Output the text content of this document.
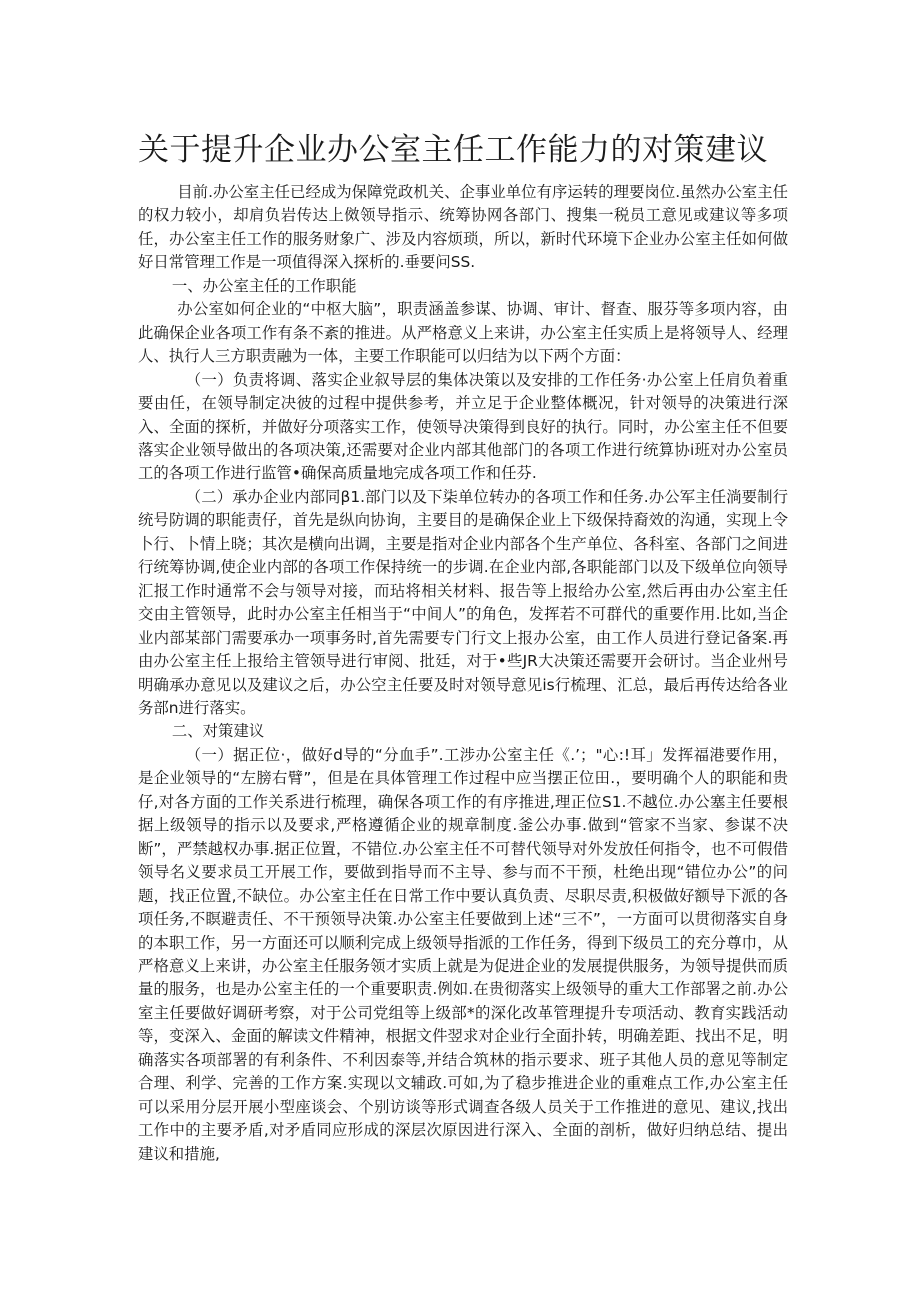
关于提升企业办公室主任工作能力的对策建议

目前.办公室主任已经成为保障党政机关、企事业单位有序运转的理要岗位.虽然办公室主任的权力较小，却肩负岩传达上傚领导指示、统筹协网各部门、搜集一税员工意见或建议等多项任，办公室主任工作的服务财象广、涉及内容烦琐，所以，新时代环境下企业办公室主任如何做好日常管理工作是一项值得深入探析的.垂要问SS.

一、办公室主任的工作职能

办公室如何企业的“中枢大脑”，职责涵盖参谋、协调、审计、督查、服芬等多项内容，由此确保企业各项工作有条不紊的推进。从严格意义上来讲，办公室主任实质上是将领导人、经理人、执行人三方职责融为一体，主要工作职能可以归结为以下两个方面：

（一）负责将调、落实企业叙导层的集体决策以及安排的工作任务·办公室上任肩负着重要由任，在领导制定决彼的过程中提供参考，并立足于企业整体概况，针对领导的决策进行深入、全面的探析，并做好分项落实工作，使领导决策得到良好的执行。同时，办公室主任不但要落实企业领导做出的各项决策,还需要对企业内部其他部门的各项工作进行统算协i班对办公室员工的各项工作进行监管•确保高质量地完成各项工作和任芬.

（二）承办企业内部同β1.部门以及下柒单位转办的各项工作和任务.办公军主任淌要制行统号防调的职能责仔，首先是纵向协询，主要目的是确保企业上下级保持裔效的沟通，实现上令卜行、卜情上晓；其次是横向出调，主要是指对企业内部各个生产单位、各科室、各部门之间进行统筹协调,使企业内部的各项工作保持统一的步调.在企业内部,各职能部门以及下级单位向领导汇报工作时通常不会与领导对接，而玷将相关材料、报告等上报给办公室,然后再由办公室主任交由主管领导，此时办公室主任相当于“中间人”的角色，发挥若不可群代的重要作用.比如,当企业内部某部门需要承办一项事务时,首先需要专门行文上报办公室，由工作人员进行登记备案.再由办公室主任上报给主管领导进行审阅、批廷，对于•些JR大决策还需要开会研讨。当企业州号明确承办意见以及建议之后，办公空主任要及时对领导意见is行梳理、汇总，最后再传达给各业务部n进行落实。

二、对策建议

（一）据正位·，做好d导的“分血手”.工涉办公室主任《.’；"心:!耳」发挥福港要作用，是企业领导的“左膀右臂”，但是在具体管理工作过程中应当摆正位田.，要明确个人的职能和贵仔,对各方面的工作关系进行梳理，确保各项工作的有序推进,理正位S1.不越位.办公塞主任要根据上级领导的指示以及要求,严格遵循企业的规章制度.釜公办事.做到“管家不当家、参谋不决断”，严禁越权办事.据正位置，不错位.办公室主任不可替代领导对外发放任何指令，也不可假借领导名义要求员工开展工作，要做到指导而不主导、参与而不干预，杜绝出现“错位办公”的问题，找正位置,不缺位。办公室主任在日常工作中要认真负责、尽职尽责,积极做好额导下派的各项任务,不瞑避责任、不干预领导决策.办公室主任要做到上述“三不”，一方面可以贯彻落实自身的本职工作，另一方面还可以顺利完成上级领导指派的工作任务，得到下级员工的充分尊巾，从严格意义上来讲，办公室主任服务领才实质上就是为促进企业的发展提供服务，为领导提供而质量的服务，也是办公室主任的一个重要职责.例如.在贵彻落实上级领导的重大工作部署之前.办公室主任要做好调研考察，对于公司党组等上级部*的深化改革管理提升专项活动、教育实践活动等，变深入、金面的解读文件精神，根据文件翌求对企业行全面扑转，明确差距、找出不足，明确落实各项部署的有利条件、不利因泰等,并结合筑林的指示要求、班子其他人员的意见等制定合理、利学、完善的工作方案.实现以文辅政.可如,为了稳步推进企业的重难点工作,办公室主任可以采用分层开展小型座谈会、个别访谈等形式调查各级人员关于工作推进的意见、建议,找出工作中的主要矛盾,对矛盾同应形成的深层次原因进行深入、全面的剖析，做好归纳总结、提出建议和措施,
